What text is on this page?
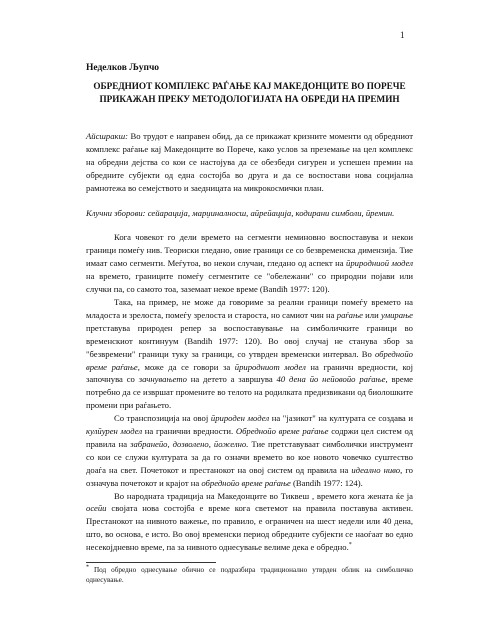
1
Неделков Љупчо
ОБРЕДНИОТ КОМПЛЕКС РАЃАЊЕ КАЈ МАКЕДОНЦИТЕ ВО ПОРЕЧЕ ПРИКАЖАН ПРЕКУ МЕТОДОЛОГИЈАТА НА ОБРЕДИ НА ПРЕМИН

Айсшракш: Во трудот е направен обид, да се прикажат кризните моменти од обредниот комплекс раѓање кај Македонците во Порече, како услов за преземање на цел комплекс на обредни дејства со кои се настојува да се обезбеди сигурен и успешен премин на обредните субјекти од една состојба во друга и да се воспостави нова социјална рамнотежа во семејството и заедницата на микрокосмички план.

Клучни зборови: сейарација, марџиналносш, аӣреӣација, кодирани симболи, ӣремин.

Кога човекот го дели времето на сегменти неминовно воспоставува и некои граници помеѓу нив. Теориски гледано, овие граници се со безвременска димензија. Тие имаат само сегменти. Меѓутоа, во некои случаи, гледано од аспект на ӣриродниоӣ модел на времето, границите помеѓу сегментите се "обележани" со природни појави или случки па, со самото тоа, заземаат некое време (Bandiћ 1977: 120).

Така, на пример, не може да говориме за реални граници помеѓу времето на младоста и зрелоста, помеѓу зрелоста и староста, но самиот чин на раѓање или умирање претставува природен репер за воспоставување на симболичките граници во временскиот континуум (Bandiћ 1977: 120). Во овој случај не станува збор за "безвремени" граници туку за граници, со утврден временски интервал. Во обредноӣо време раѓање, може да се говори за ӣриродниот модел на граничн вредности, кој започнува со зачнувањето на детето а завршува 40 дена ӣо неӣовоӣо раѓање, време потребно да се извршат промените во телото на родилката предизвикани од биолошките промени при раѓањето.

Со транспозиција на овој ӣрироден модел на "јазикот" на културата се создава и кулӣурен модел на гранични вредности. Обредноӣо време раѓање содржи цел систем од правила на забранеӣо, дозволено, ӣожелно. Тие претставуваат симболички инструмент со кои се служи културата за да го означи времето во кое новото човечко суштество доаѓа на свет. Почетокот и престанокот на овој систем од правила на идеално ниво, го означува почетокот и крајот на обредноӣо време раѓање (Bandiћ 1977: 124).

Во народната традиција на Македонците во Тиквеш , времето кога жената ќе ја осеӣи својата нова состојба е време кога светемот на правила поставува активен. Престанокот на нивното важење, по правило, е ограничен на шест недели или 40 дена, што, во основа, е исто. Во овој временски период обредните субјекти се наоѓаат во едно несекојдневно време, па за нивното однесување велиме дека е обредно.*

* Под обредно однесување обично се подразбира традиционално утврден облик на симболичко однесување.
